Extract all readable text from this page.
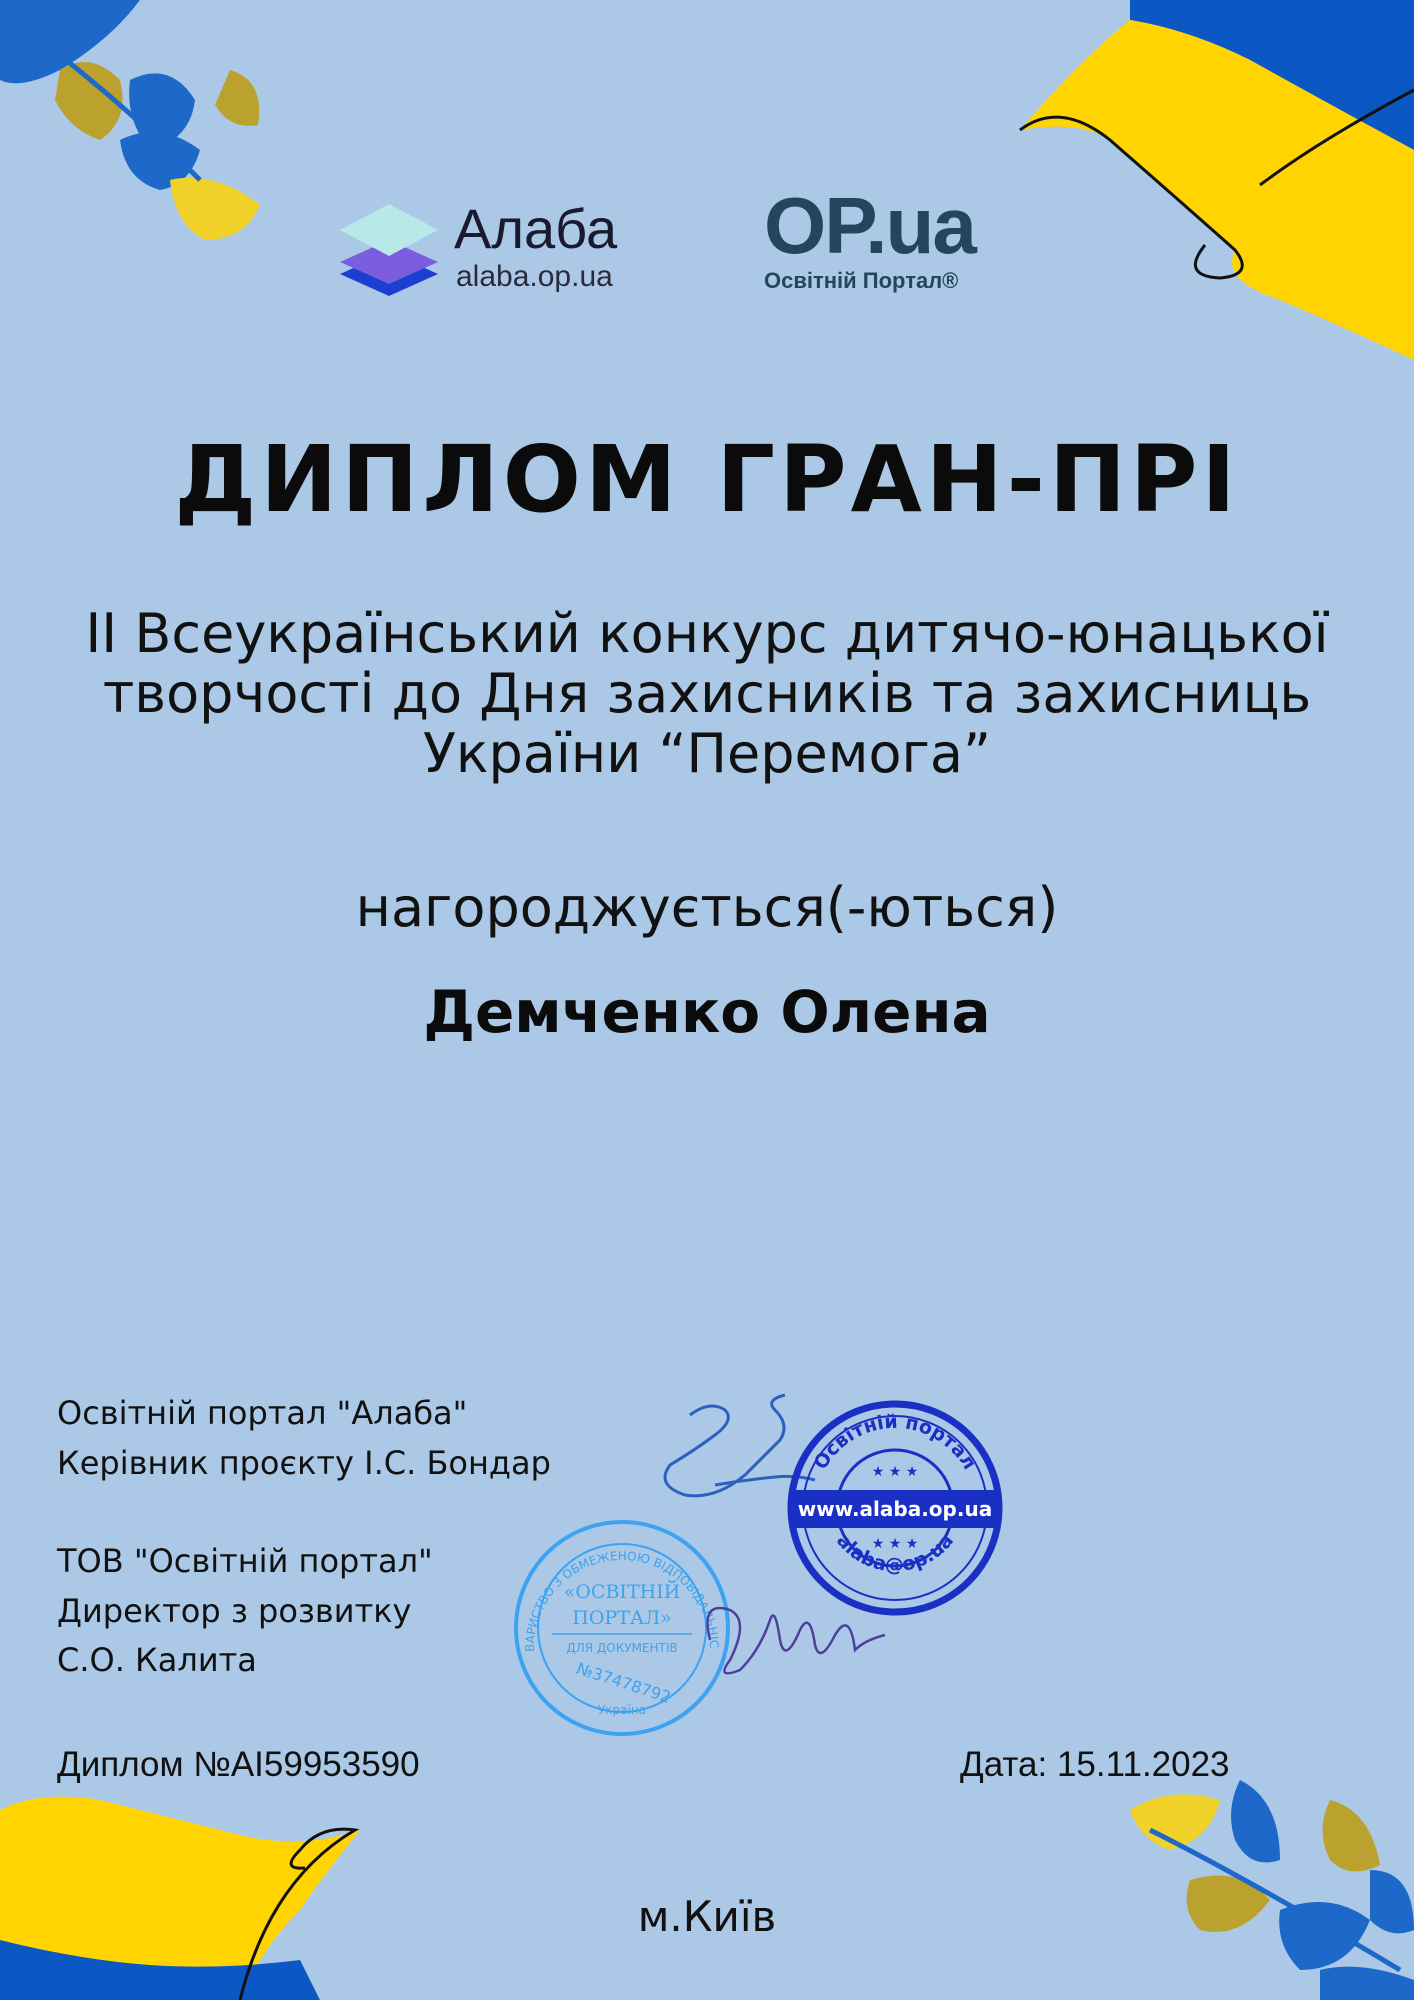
Алаба
alaba.op.ua
OP.ua
Освітній Портал®
ДИПЛОМ ГРАН-ПРІ
ІІ Всеукраїнський конкурс дитячо-юнацької
творчості до Дня захисників та захисниць
України “Перемога”
нагороджується(-ються)
Демченко Олена
Освітній портал "Алаба"
Керівник проєкту І.С. Бондар
ТОВ "Освітній портал"
Директор з розвитку
С.О. Калита
Освітній портал
www.alaba.op.ua
alaba@op.ua
★ ★ ★
★ ★ ★
ТОВАРИСТВО З ОБМЕЖЕНОЮ ВІДПОВІДАЛЬНІСТЮ
«ОСВІТНІЙ
ПОРТАЛ»
ДЛЯ ДОКУМЕНТІВ
№37478792
Україна
Диплом №AI59953590	Дата: 15.11.2023
м.Київ
